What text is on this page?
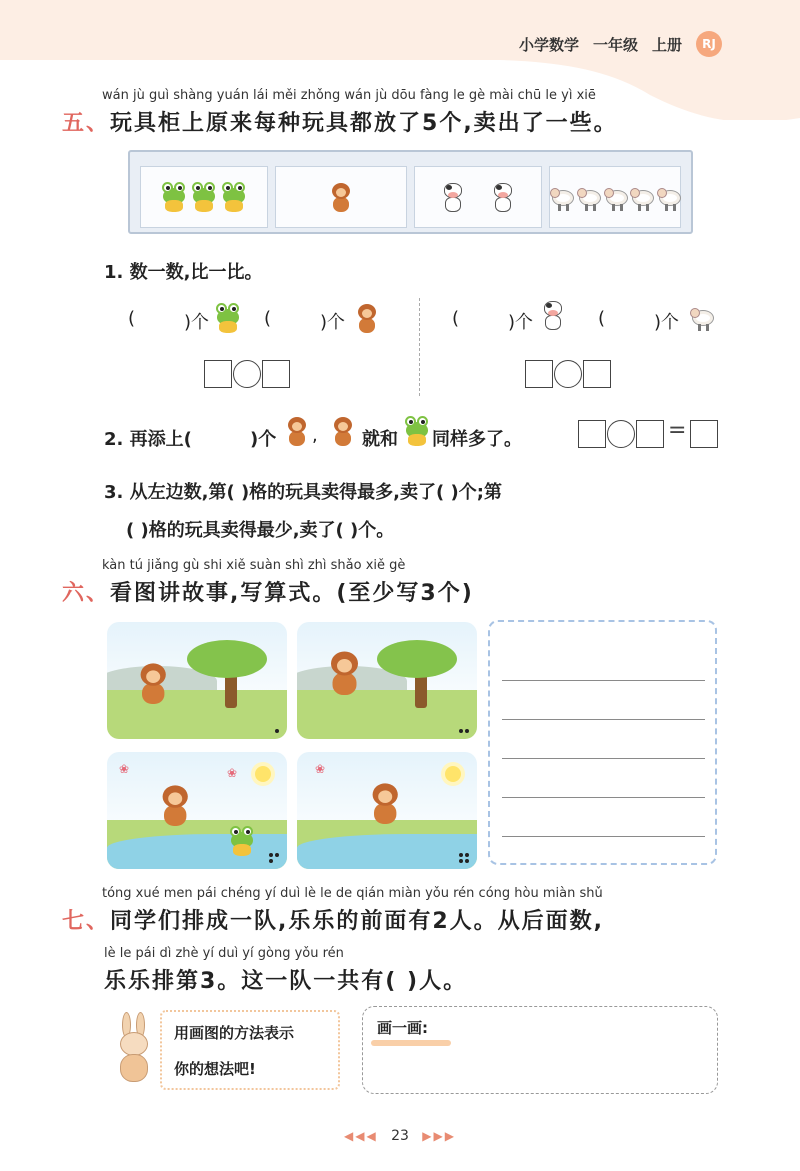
小学数学 一年级 上册	RJ
wán jù guì shàng yuán lái měi zhǒng wán jù dōu fàng le gè mài chū le yì xiē
五、玩具柜上原来每种玩具都放了5个,卖出了一些。
1. 数一数,比一比。
(	)个	(	)个	(	)个	(	)个
2. 再添上(	)个 , 就和 同样多了。	=
3. 从左边数,第( )格的玩具卖得最多,卖了( )个;第
( )格的玩具卖得最少,卖了( )个。
kàn tú jiǎng gù shi xiě suàn shì zhì shǎo xiě gè
六、看图讲故事,写算式。(至少写3个)
❀	❀	❀
tóng xué men pái chéng yí duì lè le de qián miàn yǒu rén cóng hòu miàn shǔ
七、同学们排成一队,乐乐的前面有2人。从后面数,
lè le pái dì zhè yí duì yí gòng yǒu rén
乐乐排第3。这一队一共有( )人。
用画图的方法表示
你的想法吧!
画一画:
◀◀◀ 23 ▶▶▶
